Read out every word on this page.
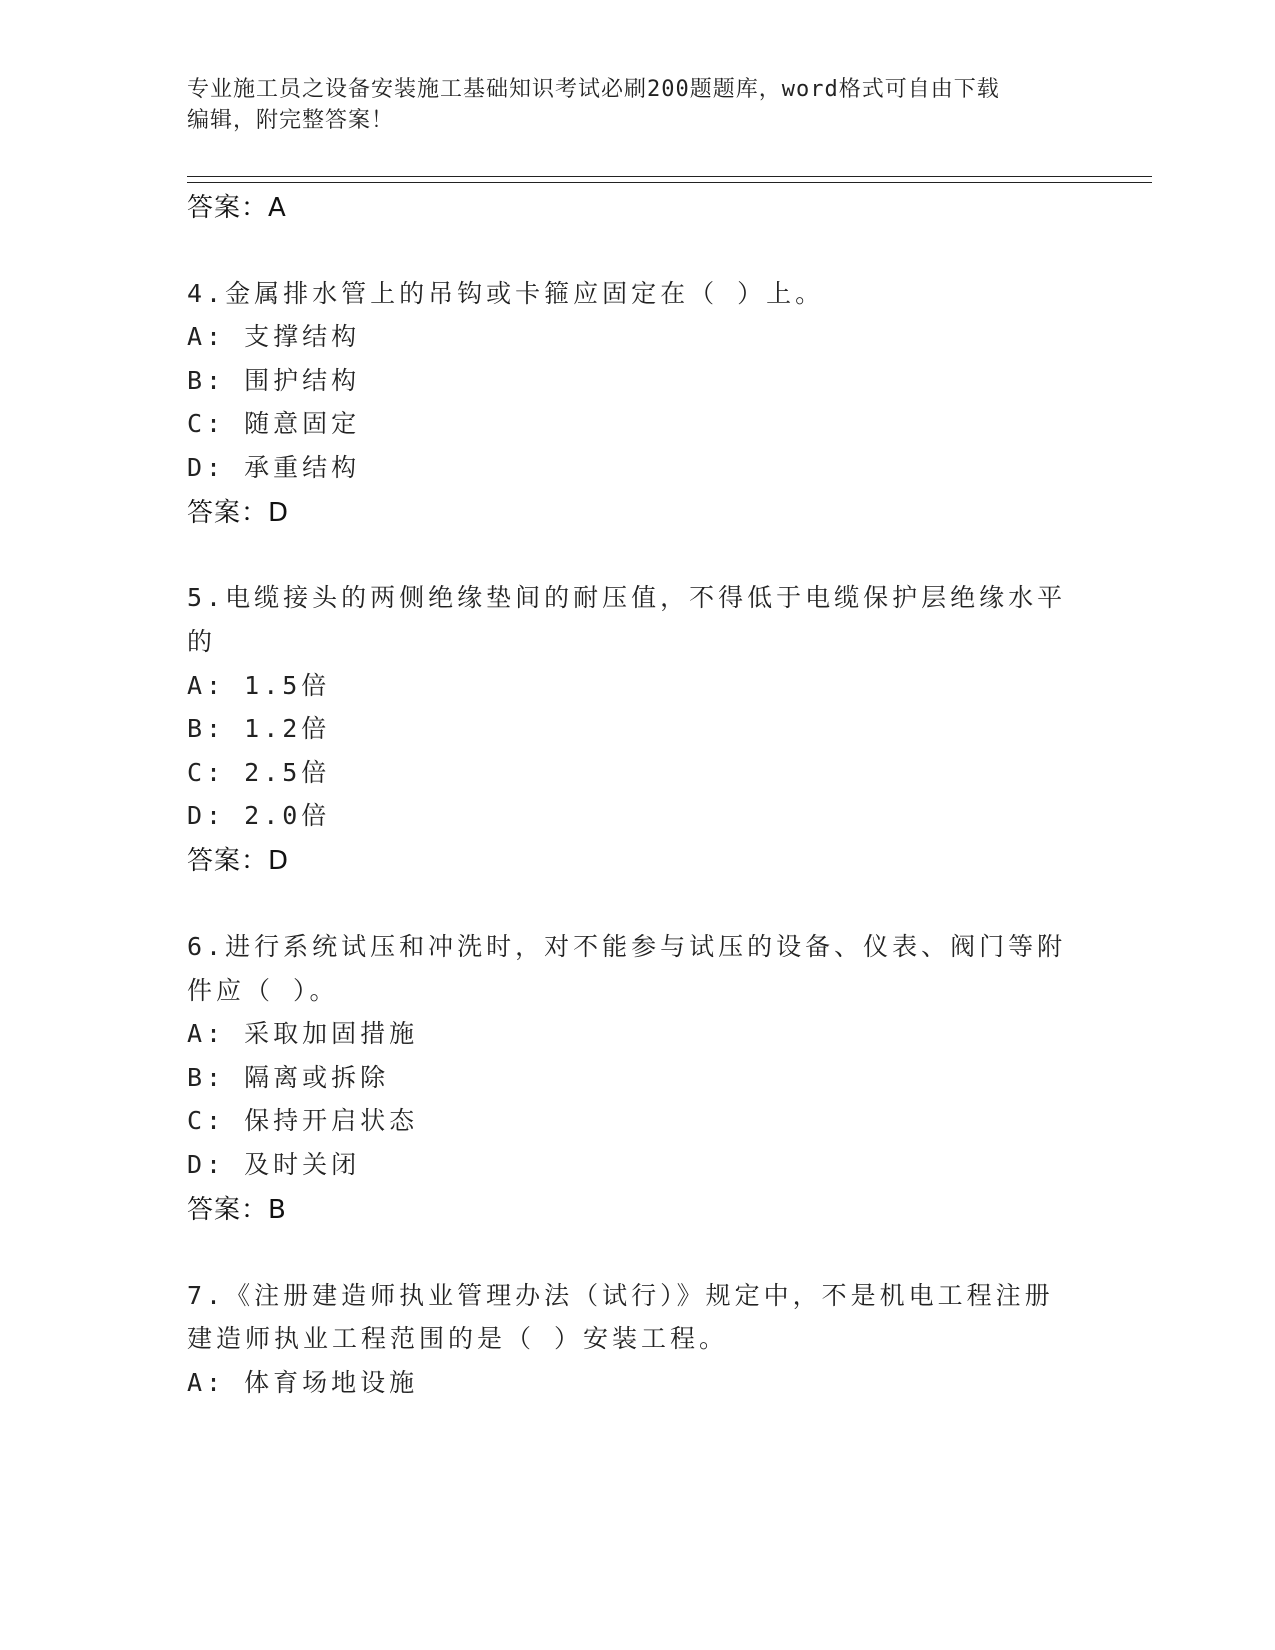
专业施工员之设备安装施工基础知识考试必刷200题题库，word格式可自由下载
编辑，附完整答案！
答案：A
4.金属排水管上的吊钩或卡箍应固定在（ ）上。
A: 支撑结构
B: 围护结构
C: 随意固定
D: 承重结构
答案：D
5.电缆接头的两侧绝缘垫间的耐压值，不得低于电缆保护层绝缘水平
的
A: 1.5倍
B: 1.2倍
C: 2.5倍
D: 2.0倍
答案：D
6.进行系统试压和冲洗时，对不能参与试压的设备、仪表、阀门等附
件应（ ）。
A: 采取加固措施
B: 隔离或拆除
C: 保持开启状态
D: 及时关闭
答案：B
7.《注册建造师执业管理办法（试行）》规定中，不是机电工程注册
建造师执业工程范围的是（ ）安装工程。
A: 体育场地设施
